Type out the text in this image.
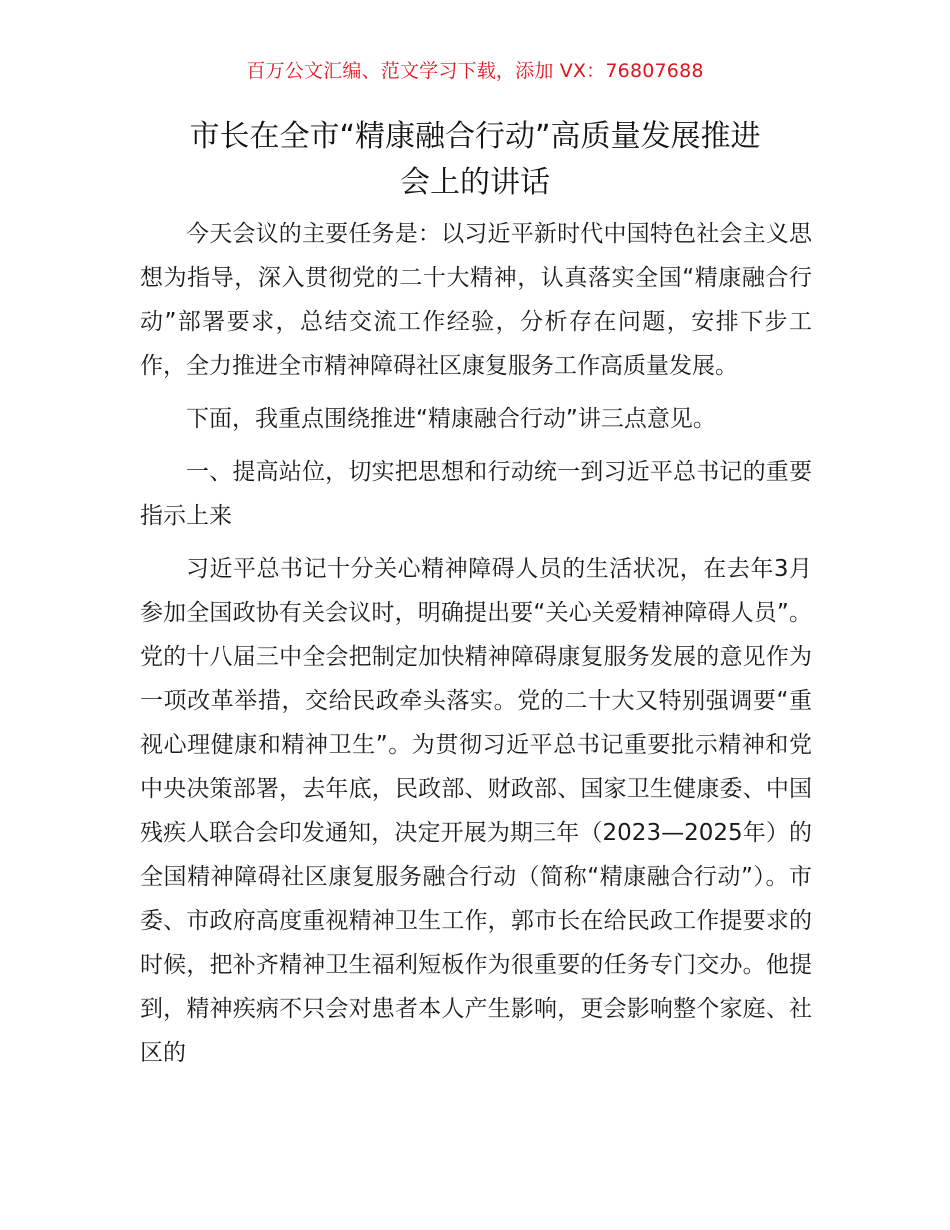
百万公文汇编、范文学习下载，添加 VX：76807688
市长在全市“精康融合行动”高质量发展推进
会上的讲话

今天会议的主要任务是：以习近平新时代中国特色社会主义思想为指导，深入贯彻党的二十大精神，认真落实全国“精康融合行动”部署要求，总结交流工作经验，分析存在问题，安排下步工作，全力推进全市精神障碍社区康复服务工作高质量发展。

下面，我重点围绕推进“精康融合行动”讲三点意见。

一、提高站位，切实把思想和行动统一到习近平总书记的重要指示上来

习近平总书记十分关心精神障碍人员的生活状况，在去年3月参加全国政协有关会议时，明确提出要“关心关爱精神障碍人员”。党的十八届三中全会把制定加快精神障碍康复服务发展的意见作为一项改革举措，交给民政牵头落实。党的二十大又特别强调要“重视心理健康和精神卫生”。为贯彻习近平总书记重要批示精神和党中央决策部署，去年底，民政部、财政部、国家卫生健康委、中国残疾人联合会印发通知，决定开展为期三年（2023—2025年）的全国精神障碍社区康复服务融合行动（简称“精康融合行动”）。市委、市政府高度重视精神卫生工作，郭市长在给民政工作提要求的时候，把补齐精神卫生福利短板作为很重要的任务专门交办。他提到，精神疾病不只会对患者本人产生影响，更会影响整个家庭、社区的
